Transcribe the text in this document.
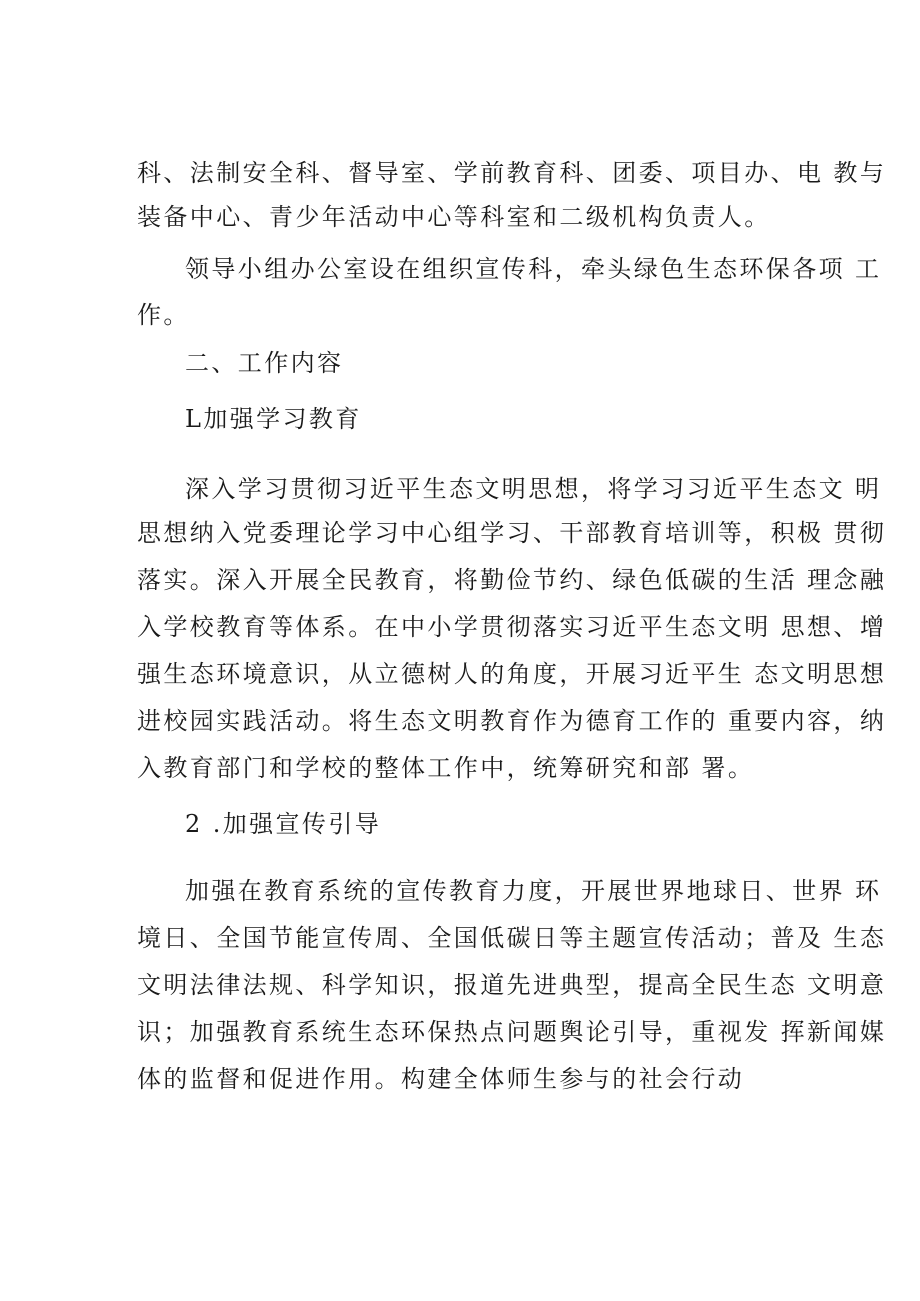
科、法制安全科、督导室、学前教育科、团委、项目办、电 教与
装备中心、青少年活动中心等科室和二级机构负责人。
领导小组办公室设在组织宣传科，牵头绿色生态环保各项 工
作。
二、工作内容
L加强学习教育
深入学习贯彻习近平生态文明思想，将学习习近平生态文 明
思想纳入党委理论学习中心组学习、干部教育培训等，积极 贯彻
落实。深入开展全民教育，将勤俭节约、绿色低碳的生活 理念融
入学校教育等体系。在中小学贯彻落实习近平生态文明 思想、增
强生态环境意识，从立德树人的角度，开展习近平生 态文明思想
进校园实践活动。将生态文明教育作为德育工作的 重要内容，纳
入教育部门和学校的整体工作中，统筹研究和部 署。
2 .加强宣传引导
加强在教育系统的宣传教育力度，开展世界地球日、世界 环
境日、全国节能宣传周、全国低碳日等主题宣传活动；普及 生态
文明法律法规、科学知识，报道先进典型，提高全民生态 文明意
识；加强教育系统生态环保热点问题舆论引导，重视发 挥新闻媒
体的监督和促进作用。构建全体师生参与的社会行动
